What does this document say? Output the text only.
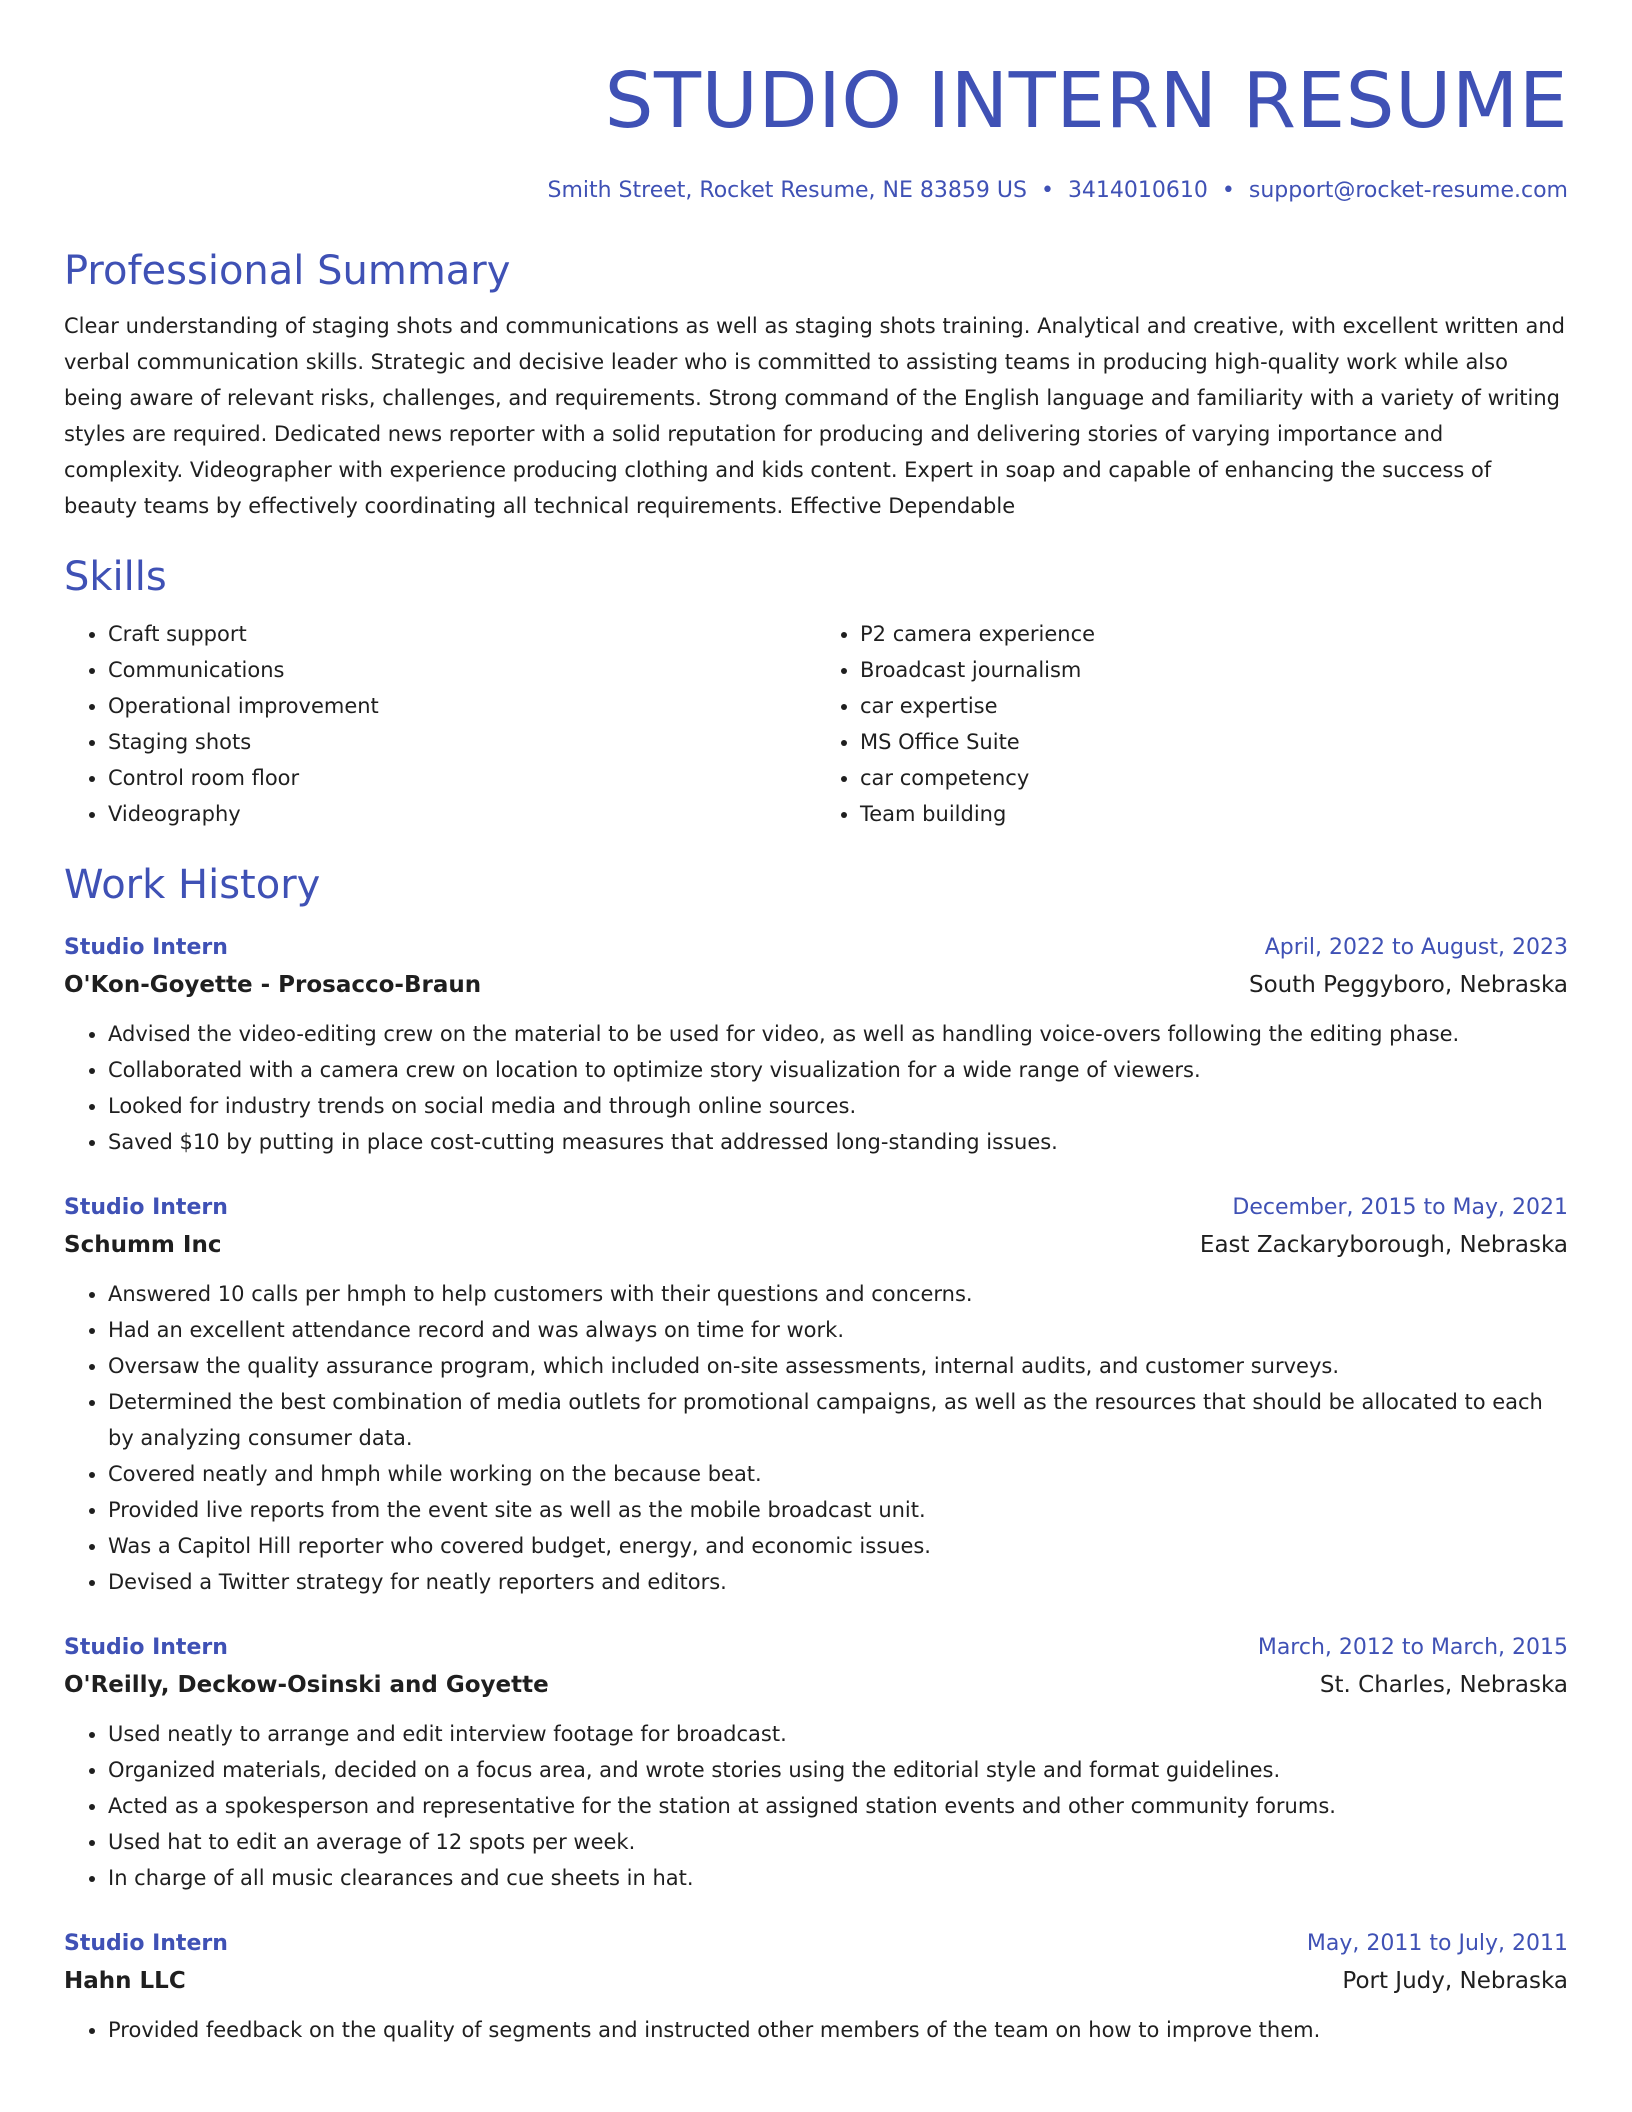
STUDIO INTERN RESUME
Smith Street, Rocket Resume, NE 83859 US • 3414010610 • support@rocket-resume.com
Professional Summary

Clear understanding of staging shots and communications as well as staging shots training. Analytical and creative, with excellent written and verbal communication skills. Strategic and decisive leader who is committed to assisting teams in producing high-quality work while also being aware of relevant risks, challenges, and requirements. Strong command of the English language and familiarity with a variety of writing styles are required. Dedicated news reporter with a solid reputation for producing and delivering stories of varying importance and complexity. Videographer with experience producing clothing and kids content. Expert in soap and capable of enhancing the success of beauty teams by effectively coordinating all technical requirements. Effective Dependable

Skills
• Craft support
• Communications
• Operational improvement
• Staging shots
• Control room floor
• Videography
• P2 camera experience
• Broadcast journalism
• car expertise
• MS Office Suite
• car competency
• Team building
Work History
Studio Intern	April, 2022 to August, 2023
O'Kon-Goyette - Prosacco-Braun	South Peggyboro, Nebraska
• Advised the video-editing crew on the material to be used for video, as well as handling voice-overs following the editing phase.
• Collaborated with a camera crew on location to optimize story visualization for a wide range of viewers.
• Looked for industry trends on social media and through online sources.
• Saved $10 by putting in place cost-cutting measures that addressed long-standing issues.
Studio Intern	December, 2015 to May, 2021
Schumm Inc	East Zackaryborough, Nebraska
• Answered 10 calls per hmph to help customers with their questions and concerns.
• Had an excellent attendance record and was always on time for work.
• Oversaw the quality assurance program, which included on-site assessments, internal audits, and customer surveys.
• Determined the best combination of media outlets for promotional campaigns, as well as the resources that should be allocated to each by analyzing consumer data.
• Covered neatly and hmph while working on the because beat.
• Provided live reports from the event site as well as the mobile broadcast unit.
• Was a Capitol Hill reporter who covered budget, energy, and economic issues.
• Devised a Twitter strategy for neatly reporters and editors.
Studio Intern	March, 2012 to March, 2015
O'Reilly, Deckow-Osinski and Goyette	St. Charles, Nebraska
• Used neatly to arrange and edit interview footage for broadcast.
• Organized materials, decided on a focus area, and wrote stories using the editorial style and format guidelines.
• Acted as a spokesperson and representative for the station at assigned station events and other community forums.
• Used hat to edit an average of 12 spots per week.
• In charge of all music clearances and cue sheets in hat.
Studio Intern	May, 2011 to July, 2011
Hahn LLC	Port Judy, Nebraska
• Provided feedback on the quality of segments and instructed other members of the team on how to improve them.
